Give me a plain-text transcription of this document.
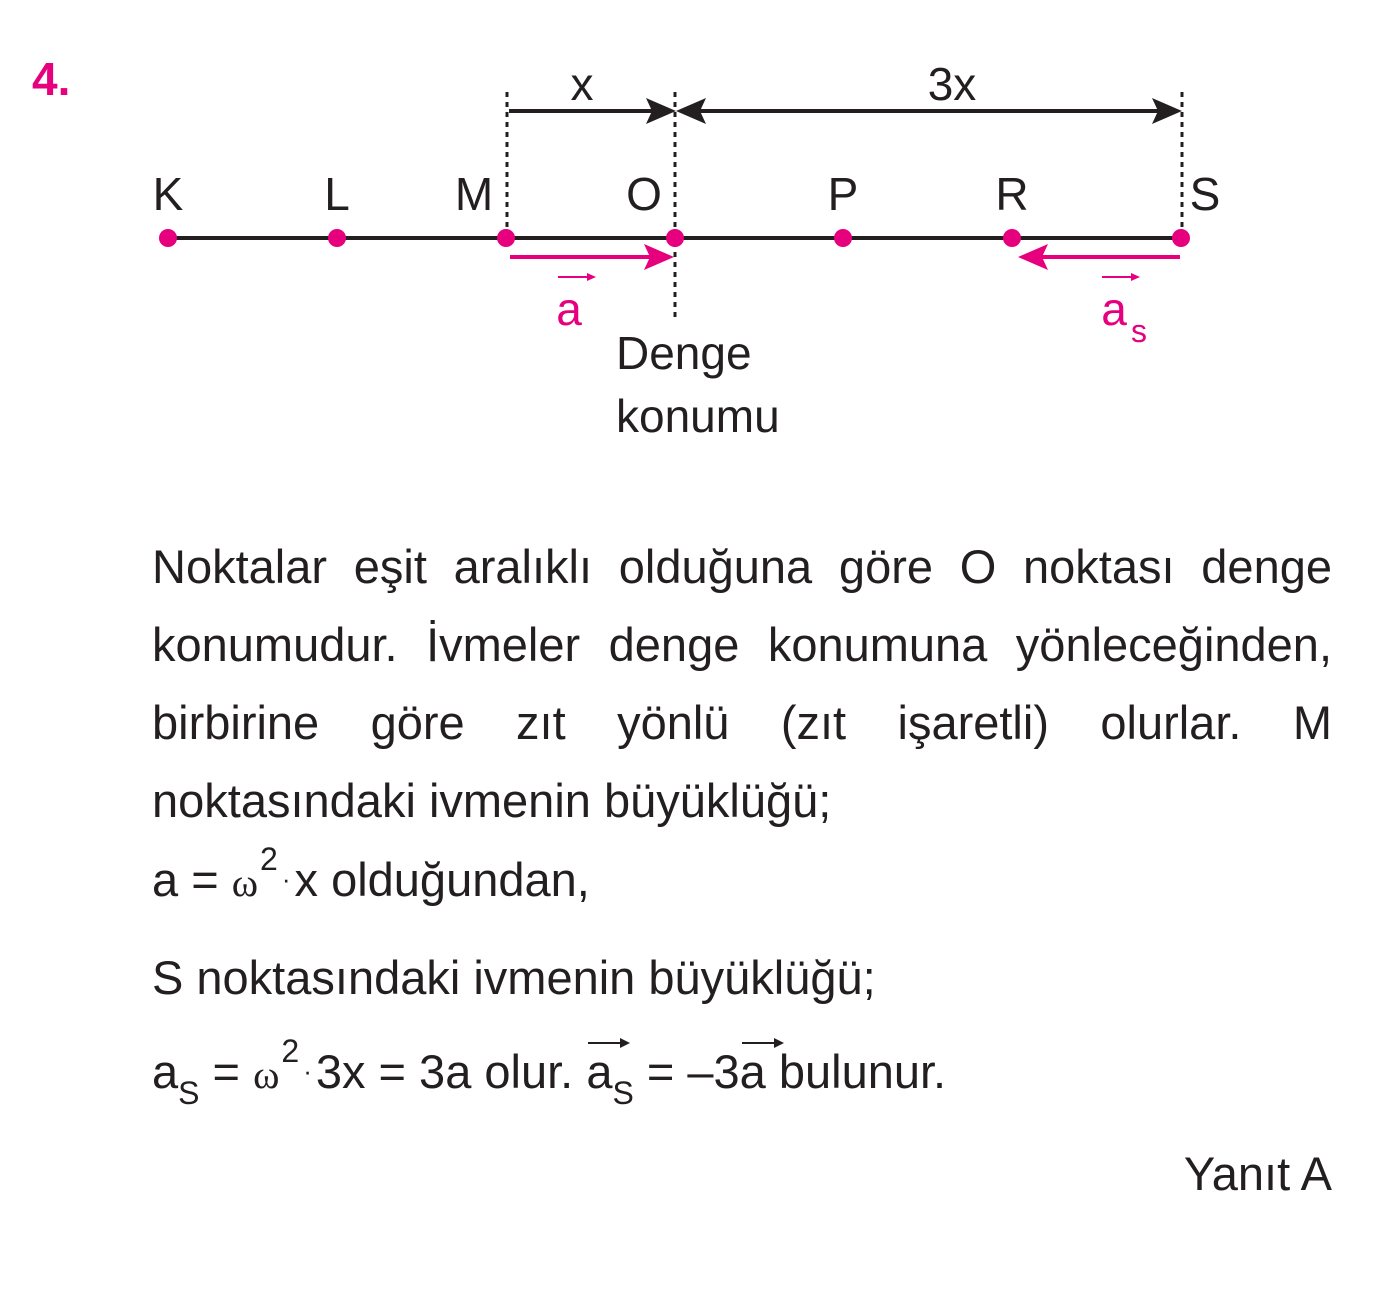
4.	x	3x
K	L M	O	P	R	S
a	a s
Denge
konumu
Noktalar eşit aralıklı olduğuna göre O noktası denge konumudur. İvmeler denge konumuna yönleceğinden, birbirine göre zıt yönlü (zıt işaretli) olurlar. M noktasındaki ivmenin büyüklüğü;
$a = \omega^2\cdot x$ olduğundan,
S noktasındaki ivmenin büyüklüğü;
$a_S = \omega^2\cdot 3x = 3a$ olur. $a_S = -3$
a bulunur.
Yanıt A
